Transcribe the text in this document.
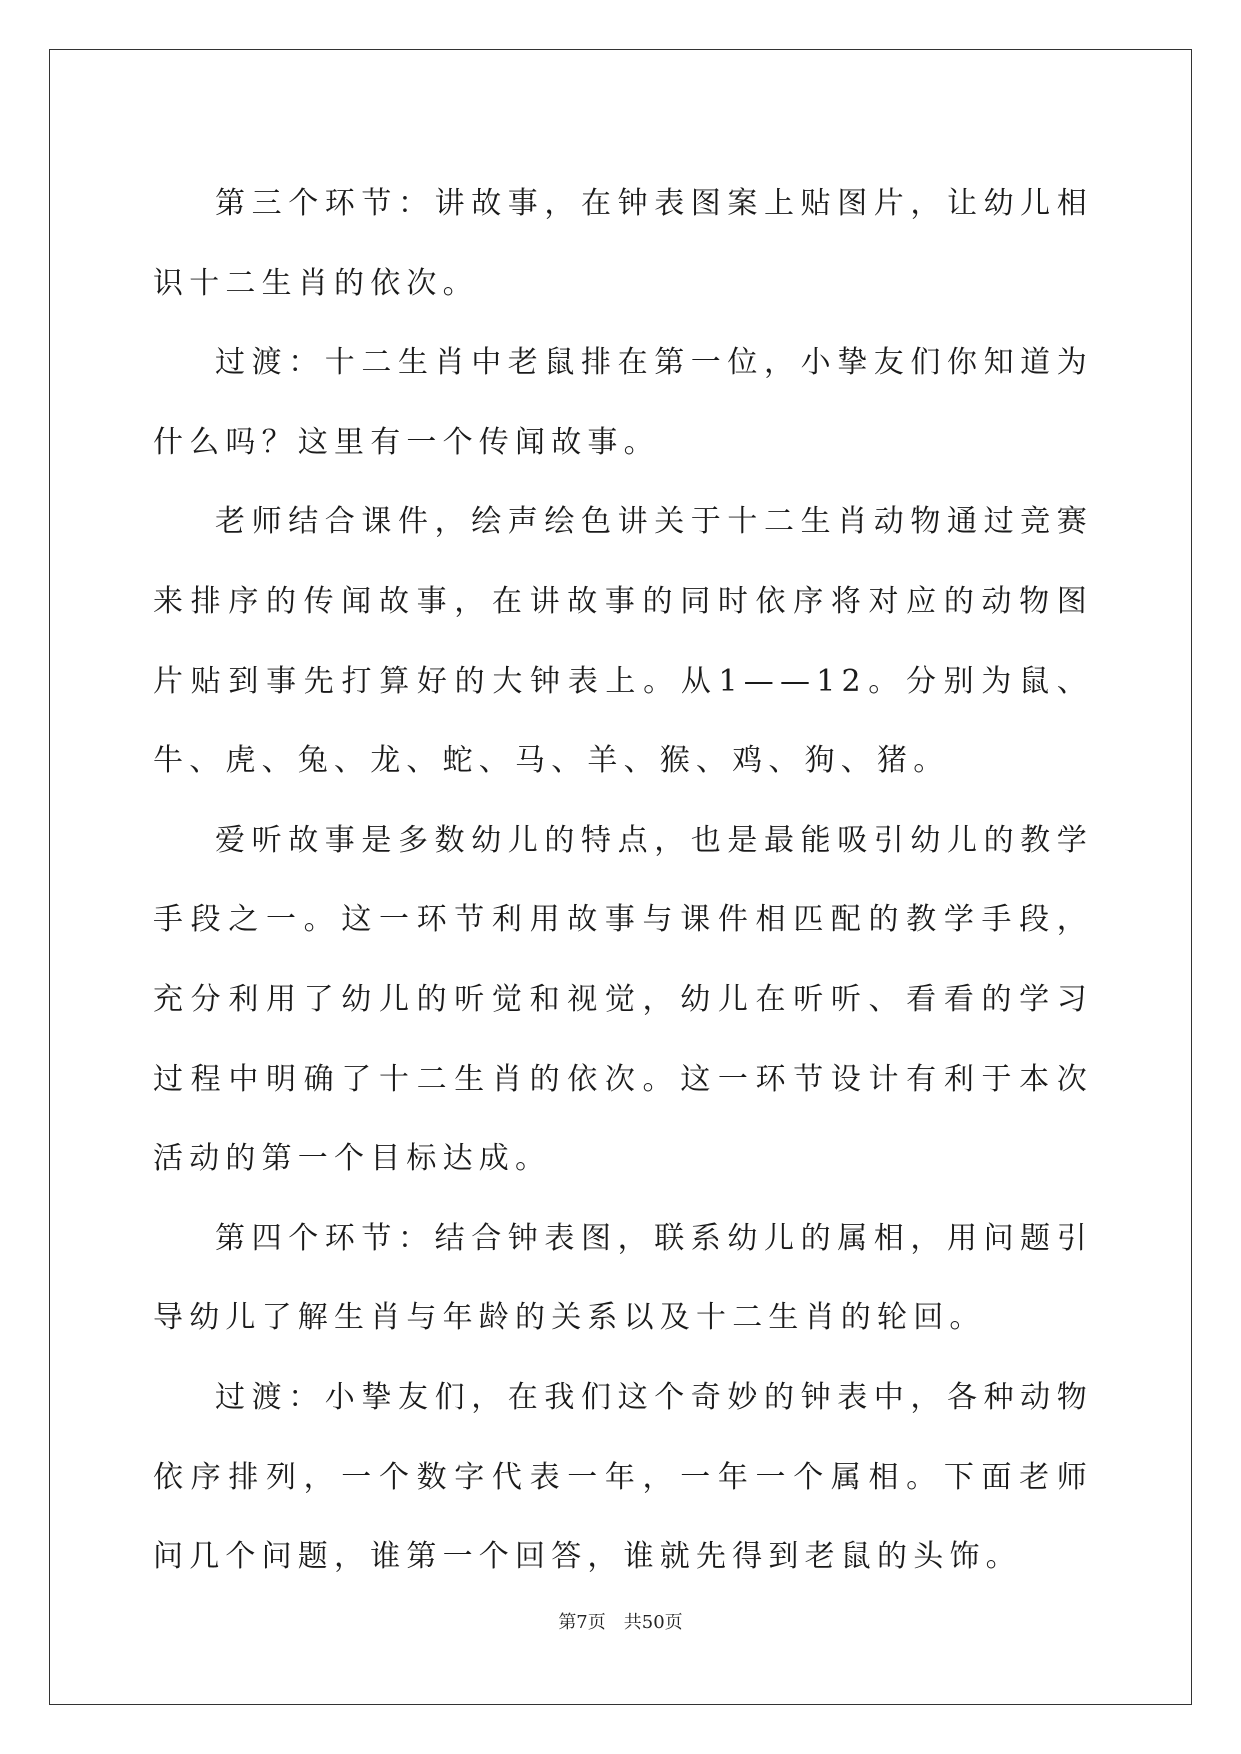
第三个环节：讲故事，在钟表图案上贴图片，让幼儿相识十二生肖的依次。

过渡：十二生肖中老鼠排在第一位，小挚友们你知道为什么吗？这里有一个传闻故事。

老师结合课件，绘声绘色讲关于十二生肖动物通过竞赛来排序的传闻故事，在讲故事的同时依序将对应的动物图片贴到事先打算好的大钟表上。从1——12。分别为鼠、牛、虎、兔、龙、蛇、马、羊、猴、鸡、狗、猪。

爱听故事是多数幼儿的特点，也是最能吸引幼儿的教学手段之一。这一环节利用故事与课件相匹配的教学手段，充分利用了幼儿的听觉和视觉，幼儿在听听、看看的学习过程中明确了十二生肖的依次。这一环节设计有利于本次活动的第一个目标达成。

第四个环节：结合钟表图，联系幼儿的属相，用问题引导幼儿了解生肖与年龄的关系以及十二生肖的轮回。

过渡：小挚友们，在我们这个奇妙的钟表中，各种动物依序排列，一个数字代表一年，一年一个属相。下面老师问几个问题，谁第一个回答，谁就先得到老鼠的头饰。

第7页 共50页
